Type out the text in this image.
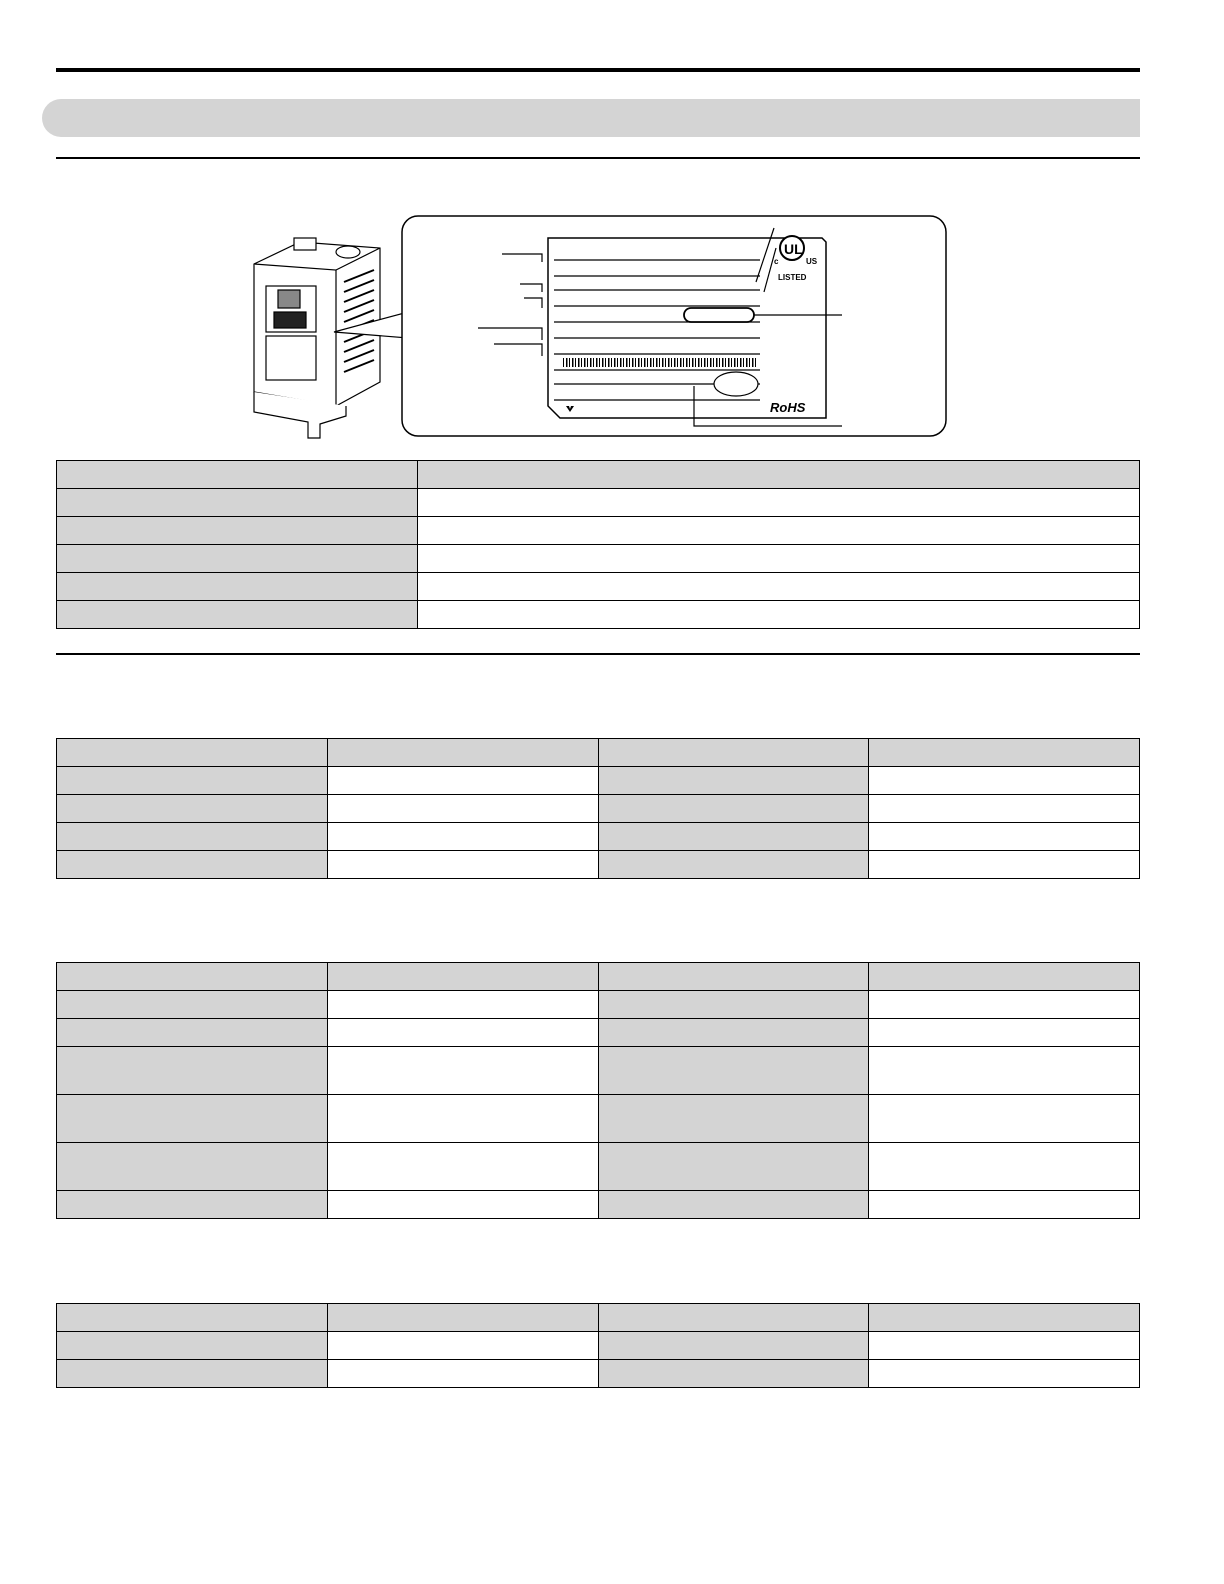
UL
c	US
LISTED
RoHS
